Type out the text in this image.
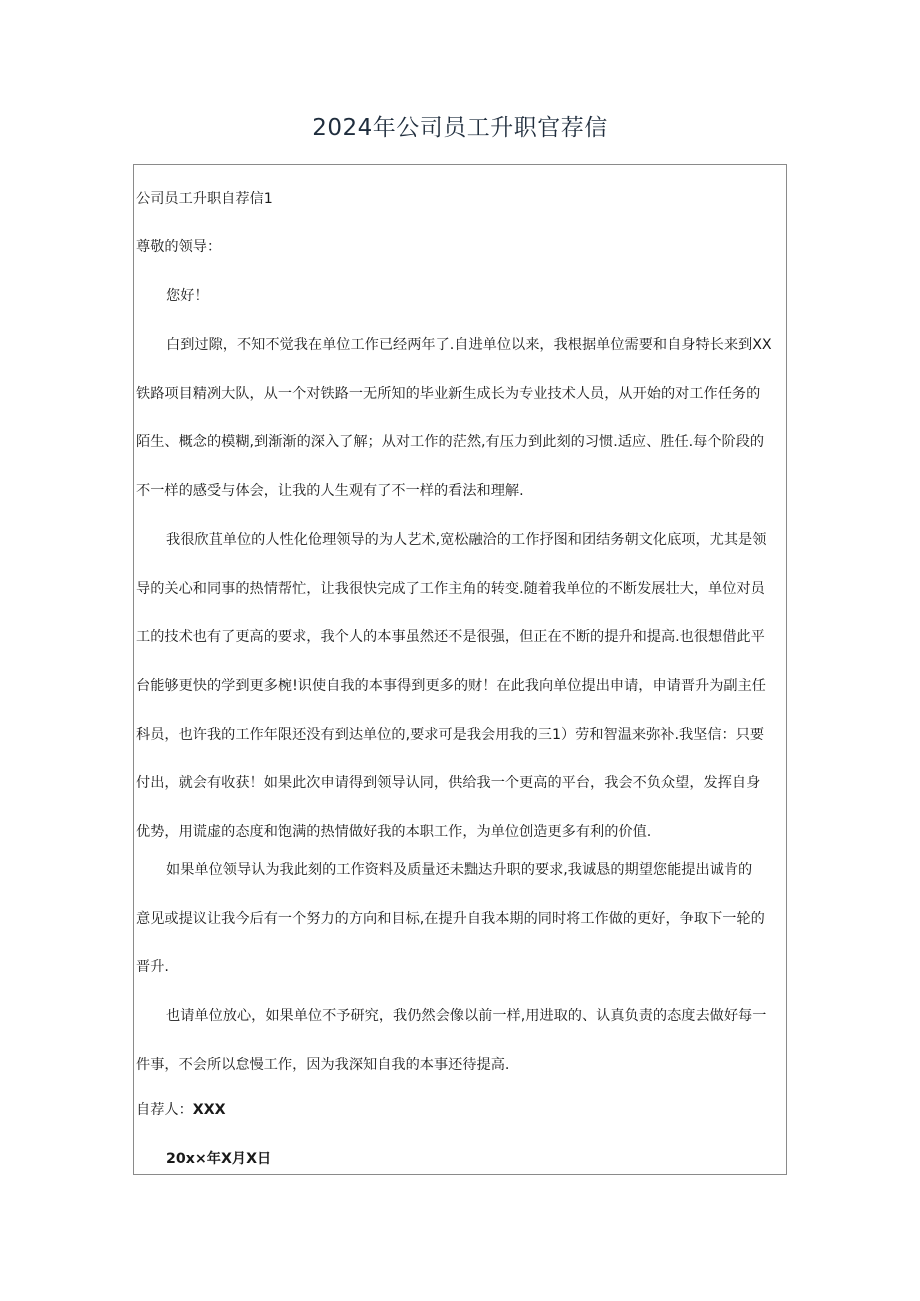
2024年公司员工升职官荐信
公司员工升职自荐信1
尊敬的领导：
您好！
白到过隙，不知不觉我在单位工作已经两年了.自进单位以来，我根据单位需要和自身特长来到XX
铁路项目精冽大队，从一个对铁路一无所知的毕业新生成长为专业技术人员，从开始的对工作任务的
陌生、概念的模糊,到渐渐的深入了解；从对工作的茫然,有压力到此刻的习惯.适应、胜任.每个阶段的
不一样的感受与体会，让我的人生观有了不一样的看法和理解.
我很欣苴单位的人性化伧理领导的为人艺术,宽松融洽的工作抒图和团结务朝文化底项，尤其是领
导的关心和同事的热情帮忙，让我很快完成了工作主角的转变.随着我单位的不断发展壮大，单位对员
工的技术也有了更高的要求，我个人的本事虽然还不是很强，但正在不断的提升和提高.也很想借此平
台能够更快的学到更多椀!识使自我的本事得到更多的财！在此我向单位提出申请，申请晋升为副主任
科员，也许我的工作年限还没有到达单位的,要求可是我会用我的三1）劳和智温来弥补.我坚信：只要
付出，就会有收获！如果此次申请得到领导认同，供给我一个更高的平台，我会不负众望，发挥自身
优势，用谎虚的态度和饱满的热情做好我的本职工作，为单位创造更多有利的价值.
如果单位领导认为我此刻的工作资料及质量还未黜达升职的要求,我诚恳的期望您能提出诚肯的
意见或提议让我今后有一个努力的方向和目标,在提升自我本期的同时将工作做的更好，争取下一轮的
晋升.
也请单位放心，如果单位不予研究，我仍然会像以前一样,用进取的、认真负责的态度去做好每一
件事，不会所以怠慢工作，因为我深知自我的本事还待提高.
自荐人：XXX
20x×年X月X日
